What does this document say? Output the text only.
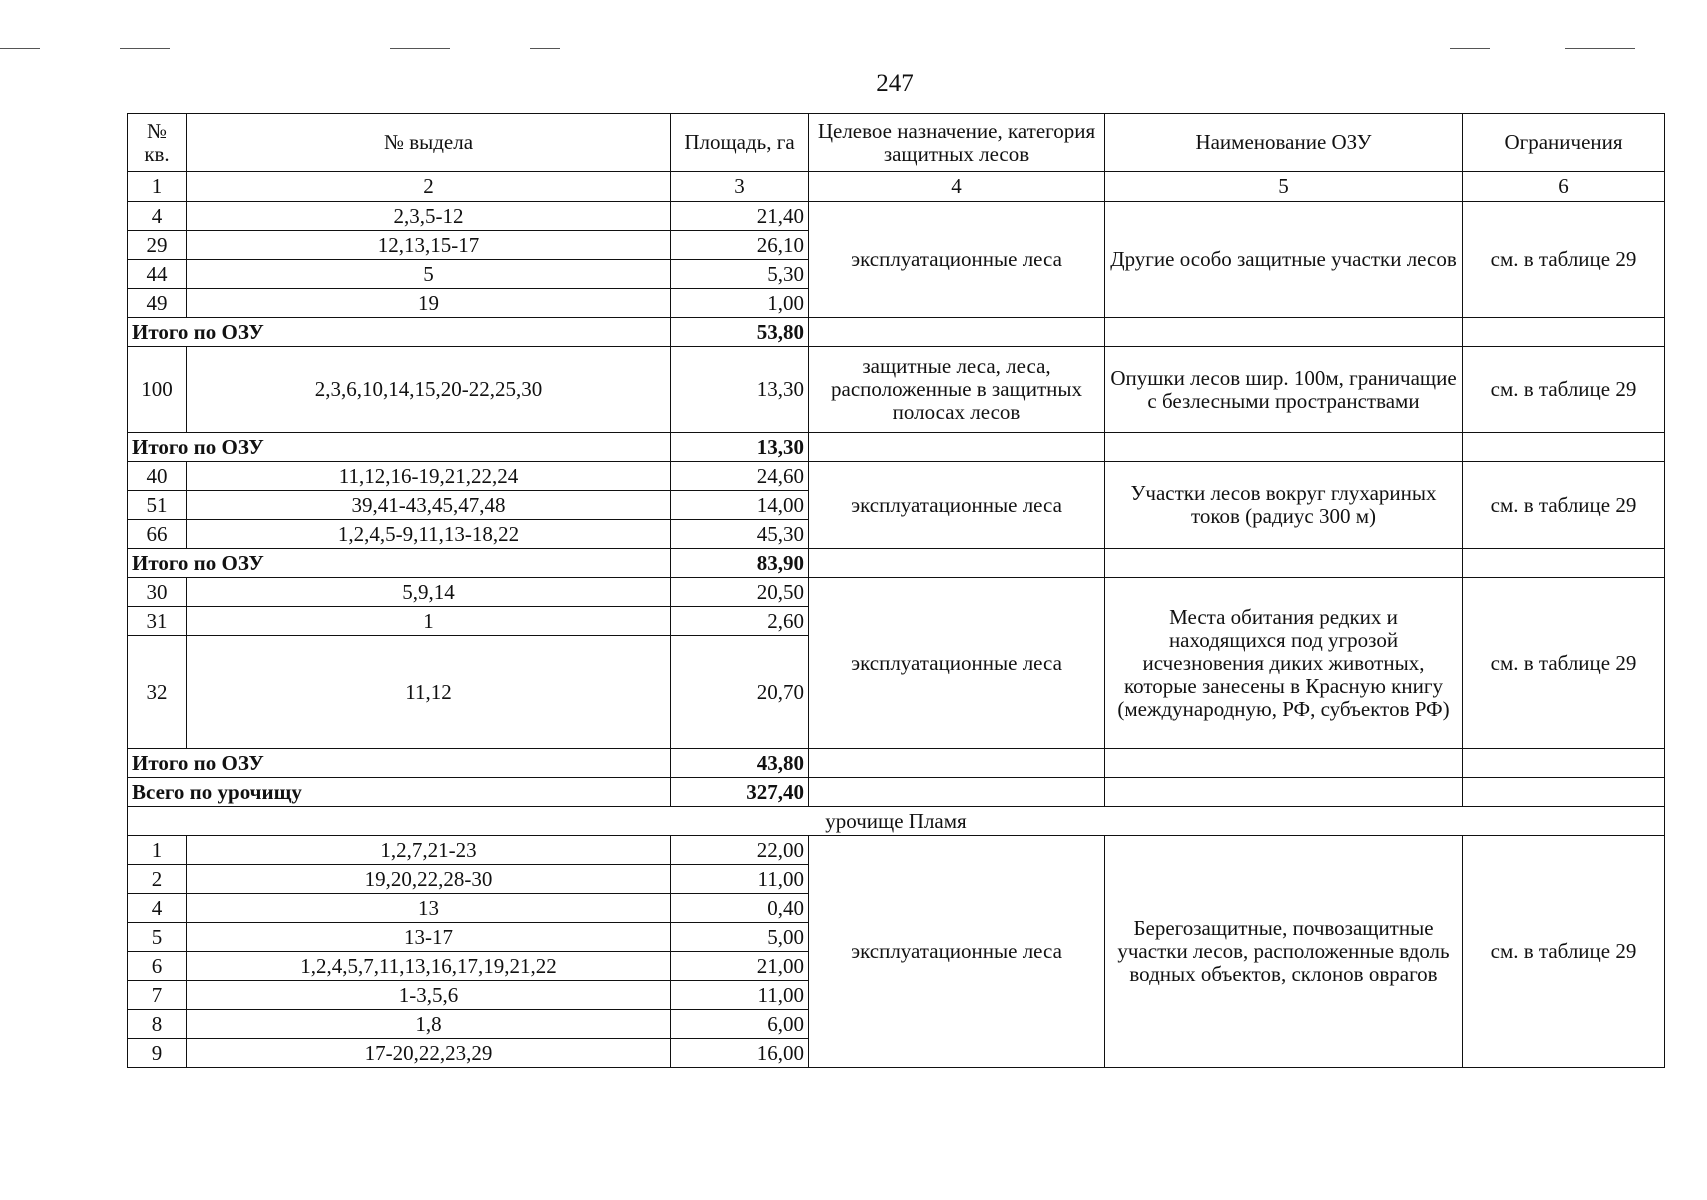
247
№ кв.	№ выдела	Площадь, га	Целевое назначение, категория защитных лесов	Наименование ОЗУ	Ограничения
1	2	3	4	5	6
4	2,3,5-12	21,40	эксплуатационные леса	Другие особо защитные участки лесов	см. в таблице 29
29	12,13,15-17	26,10			
44	5	5,30			
49	19	1,00			
Итого по ОЗУ		53,80			
100	2,3,6,10,14,15,20-22,25,30	13,30	защитные леса, леса, расположенные в защитных полосах лесов	Опушки лесов шир. 100м, граничащие с безлесными пространствами	см. в таблице 29
Итого по ОЗУ		13,30			
40	11,12,16-19,21,22,24	24,60	эксплуатационные леса	Участки лесов вокруг глухариных токов (радиус 300 м)	см. в таблице 29
51	39,41-43,45,47,48	14,00			
66	1,2,4,5-9,11,13-18,22	45,30			
Итого по ОЗУ		83,90			
30	5,9,14	20,50	эксплуатационные леса	Места обитания редких и находящихся под угрозой исчезновения диких животных, которые занесены в Красную книгу (международную, РФ, субъектов РФ)	см. в таблице 29
31	1	2,60			
32	11,12	20,70			
Итого по ОЗУ		43,80			
Всего по урочищу		327,40			
урочище Пламя					
1	1,2,7,21-23	22,00	эксплуатационные леса	Берегозащитные, почвозащитные участки лесов, расположенные вдоль водных объектов, склонов оврагов	см. в таблице 29
2	19,20,22,28-30	11,00			
4	13	0,40			
5	13-17	5,00			
6	1,2,4,5,7,11,13,16,17,19,21,22	21,00			
7	1-3,5,6	11,00			
8	1,8	6,00			
9	17-20,22,23,29	16,00			
